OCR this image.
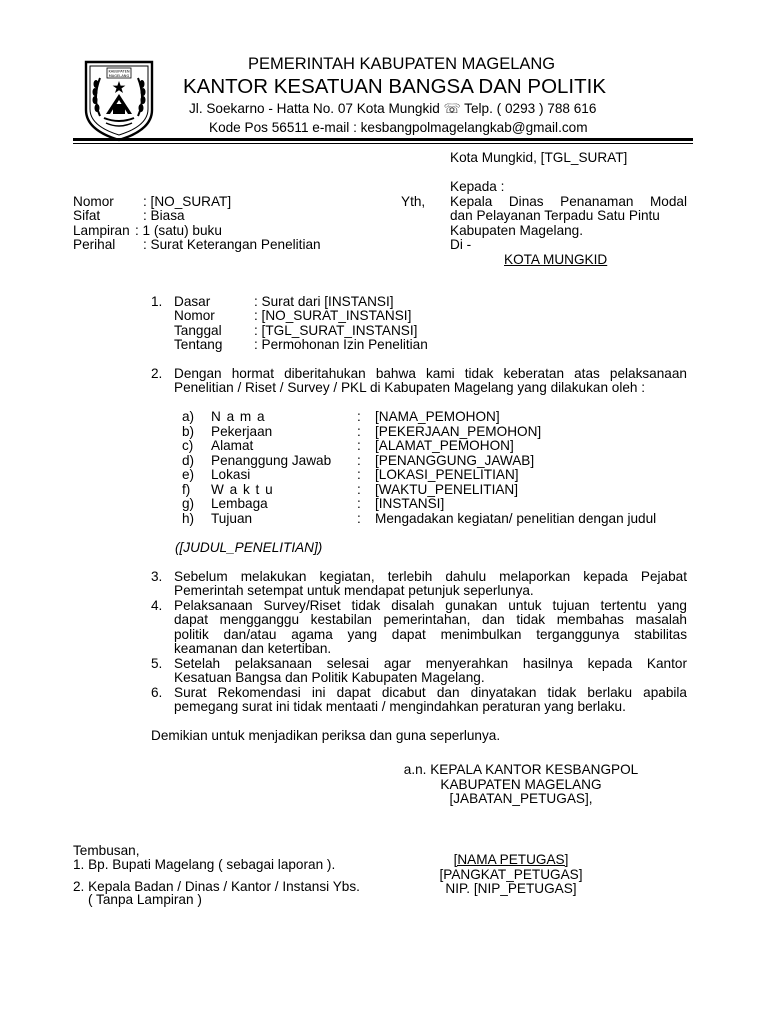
KABUPATEN
MAGELANG
PEMERINTAH KABUPATEN MAGELANG
KANTOR KESATUAN BANGSA DAN POLITIK
Jl. Soekarno - Hatta No. 07 Kota Mungkid ☏ Telp. ( 0293 ) 788 616
Kode Pos 56511 e-mail : kesbangpolmagelangkab@gmail.com
Kota Mungkid, [TGL_SURAT]
Nomor : [NO_SURAT]
Sifat	: Biasa
Lampiran : 1 (satu) buku
Perihal : Surat Keterangan Penelitian
Yth,
Kepada :
Kepala Dinas Penanaman Modal
dan Pelayanan Terpadu Satu Pintu
Kabupaten Magelang.
Di -
KOTA MUNGKID
1. Dasar	: Surat dari [INSTANSI]
Nomor	: [NO_SURAT_INSTANSI]
Tanggal : [TGL_SURAT_INSTANSI]
Tentang : Permohonan Izin Penelitian
2. Dengan hormat diberitahukan bahwa kami tidak keberatan atas pelaksanaan
Penelitian / Riset / Survey / PKL di Kabupaten Magelang yang dilakukan oleh :
a) N a m a	: [NAMA_PEMOHON]
b) Pekerjaan	: [PEKERJAAN_PEMOHON]
c) Alamat	: [ALAMAT_PEMOHON]
d) Penanggung Jawab : [PENANGGUNG_JAWAB]
e) Lokasi	: [LOKASI_PENELITIAN]
f) W a k t u	: [WAKTU_PENELITIAN]
g) Lembaga	: [INSTANSI]
h) Tujuan	: Mengadakan kegiatan/ penelitian dengan judul
([JUDUL_PENELITIAN])
3. Sebelum melakukan kegiatan, terlebih dahulu melaporkan kepada Pejabat
Pemerintah setempat untuk mendapat petunjuk seperlunya.
4. Pelaksanaan Survey/Riset tidak disalah gunakan untuk tujuan tertentu yang
dapat mengganggu kestabilan pemerintahan, dan tidak membahas masalah
politik dan/atau agama yang dapat menimbulkan terganggunya stabilitas
keamanan dan ketertiban.
5. Setelah pelaksanaan selesai agar menyerahkan hasilnya kepada Kantor
Kesatuan Bangsa dan Politik Kabupaten Magelang.
6. Surat Rekomendasi ini dapat dicabut dan dinyatakan tidak berlaku apabila
pemegang surat ini tidak mentaati / mengindahkan peraturan yang berlaku.
Demikian untuk menjadikan periksa dan guna seperlunya.
a.n. KEPALA KANTOR KESBANGPOL
KABUPATEN MAGELANG
[JABATAN_PETUGAS],
[NAMA PETUGAS]
[PANGKAT_PETUGAS]
NIP. [NIP_PETUGAS]
Tembusan,
1. Bp. Bupati Magelang ( sebagai laporan ).
2. Kepala Badan / Dinas / Kantor / Instansi Ybs.
( Tanpa Lampiran )
